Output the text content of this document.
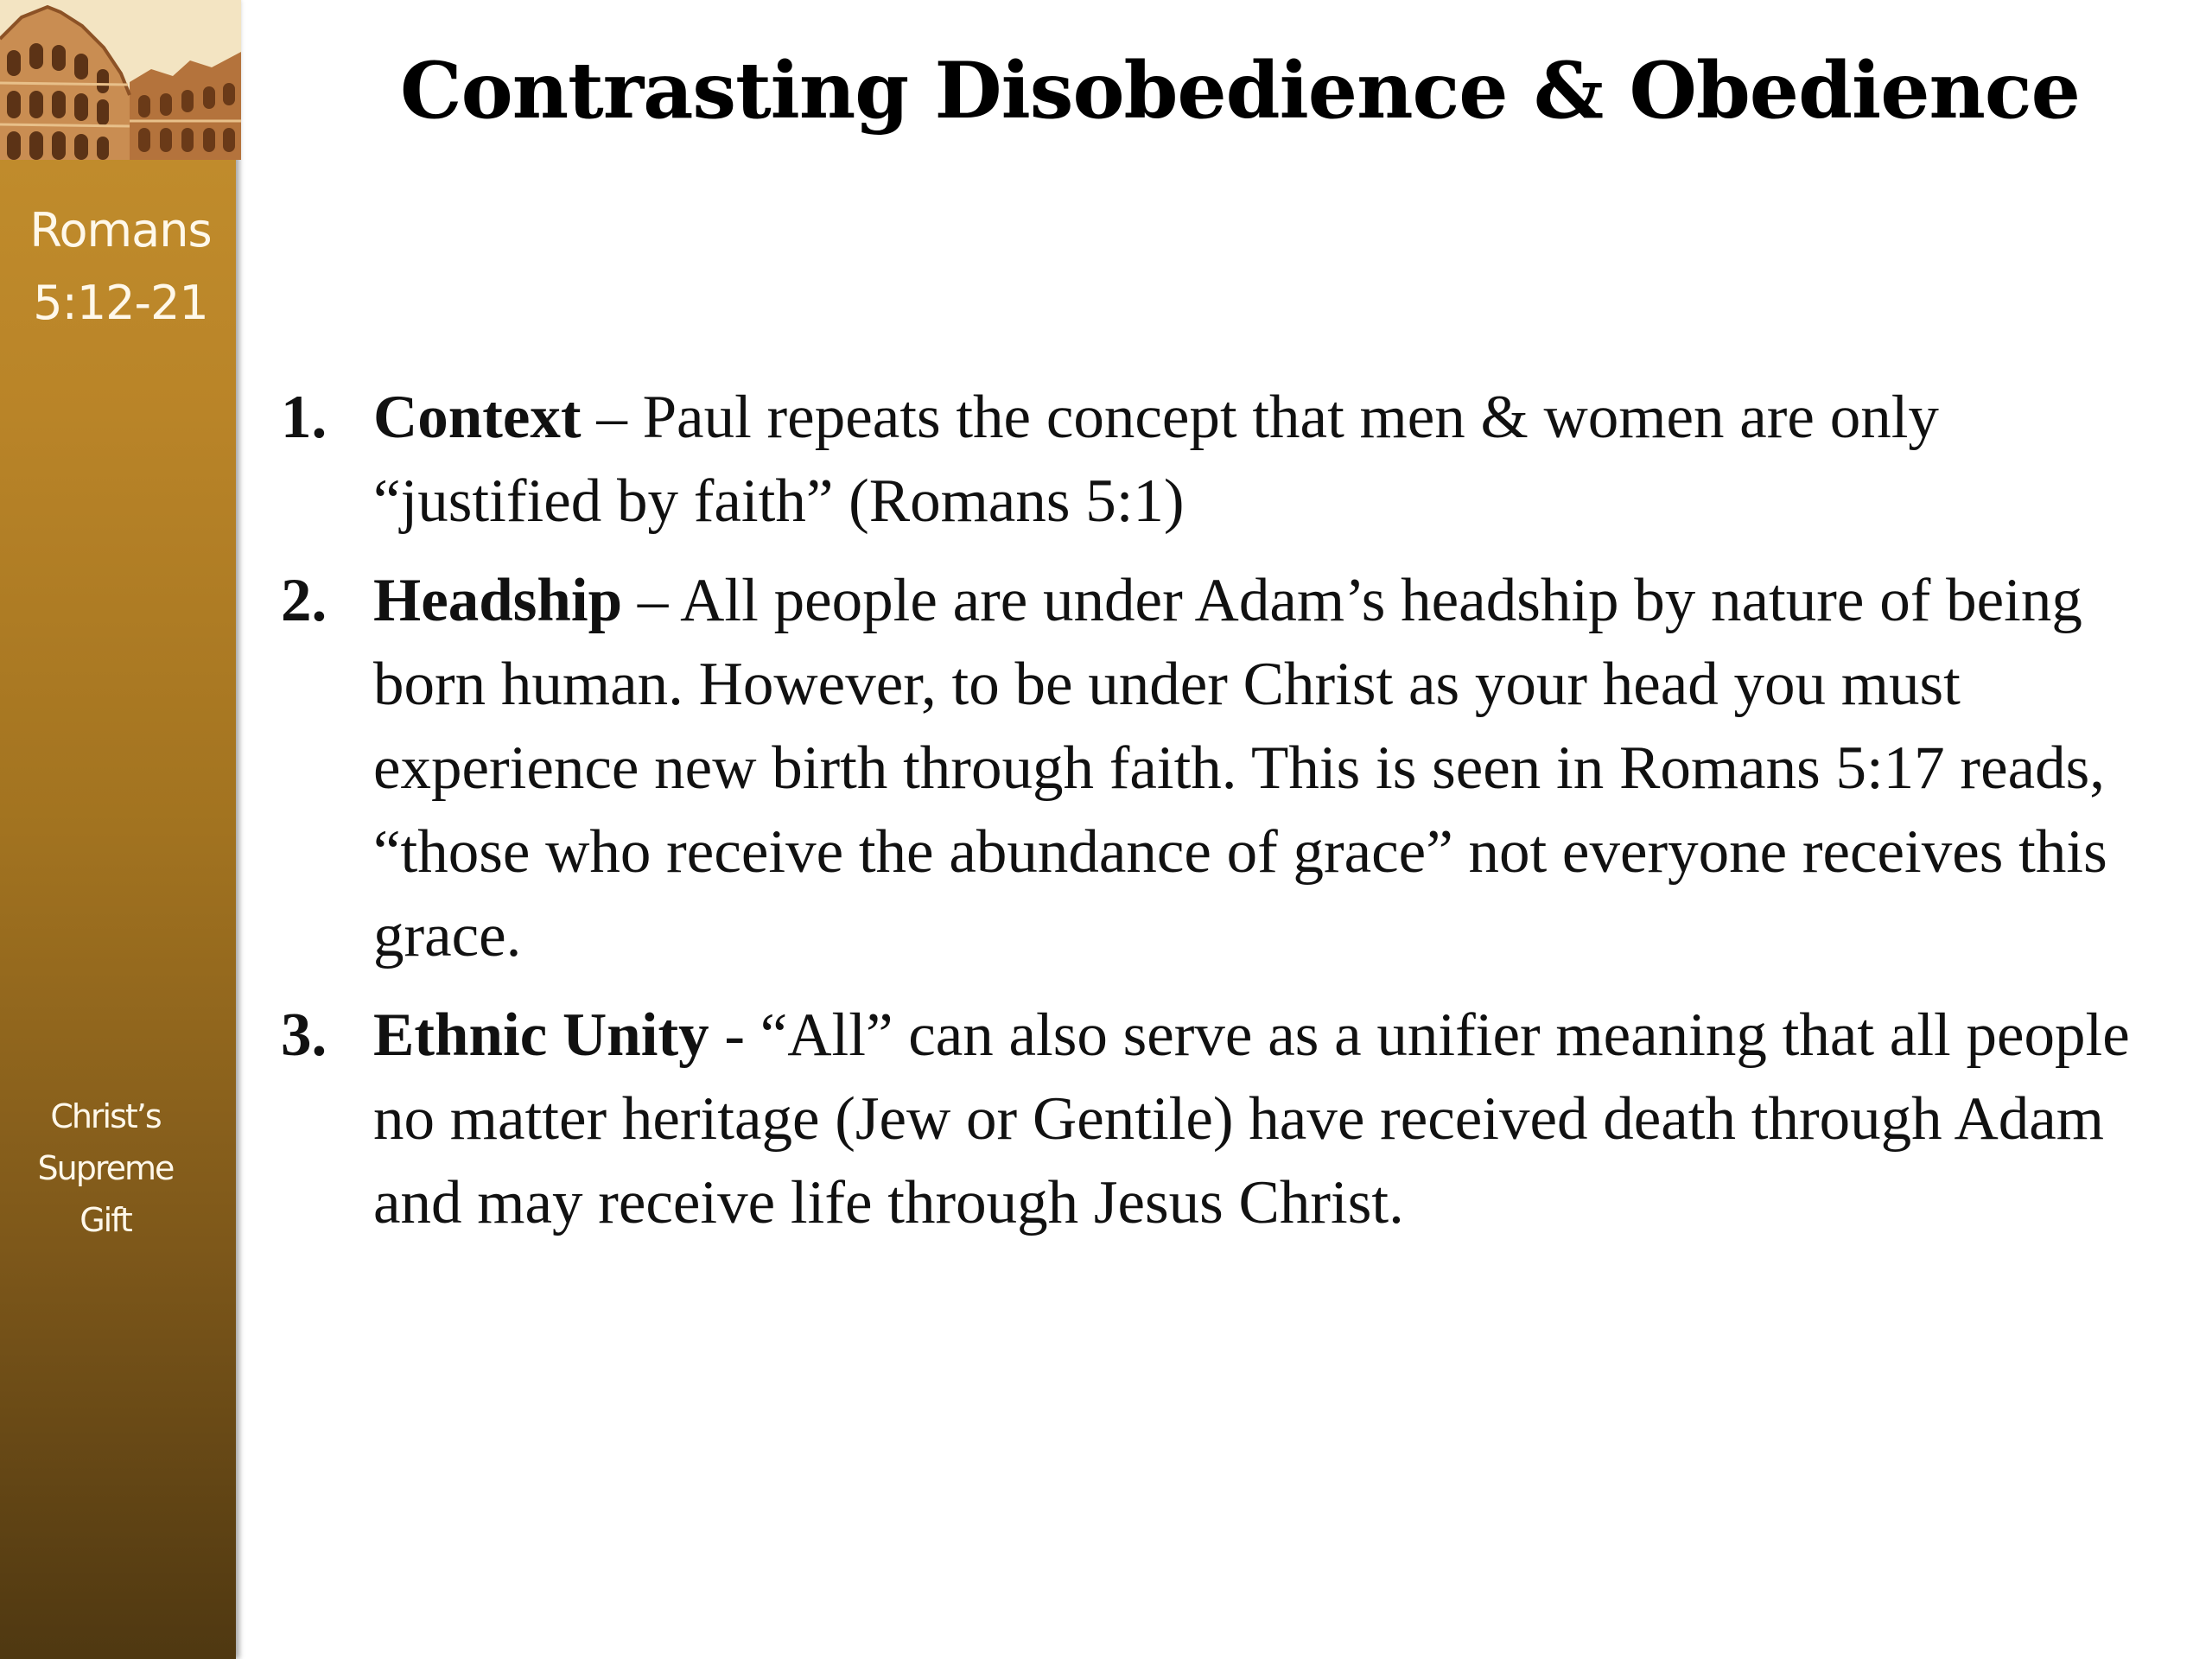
Romans
5:12-21
Christ’s
Supreme
Gift
Contrasting Disobedience & Obedience
1. Context – Paul repeats the concept that men & women are only “justified by faith” (Romans 5:1)
2. Headship – All people are under Adam’s headship by nature of being born human. However, to be under Christ as your head you must experience new birth through faith. This is seen in Romans 5:17 reads, “those who receive the abundance of grace” not everyone receives this grace.
3. Ethnic Unity - “All” can also serve as a unifier meaning that all people no matter heritage (Jew or Gentile) have received death through Adam and may receive life through Jesus Christ.
